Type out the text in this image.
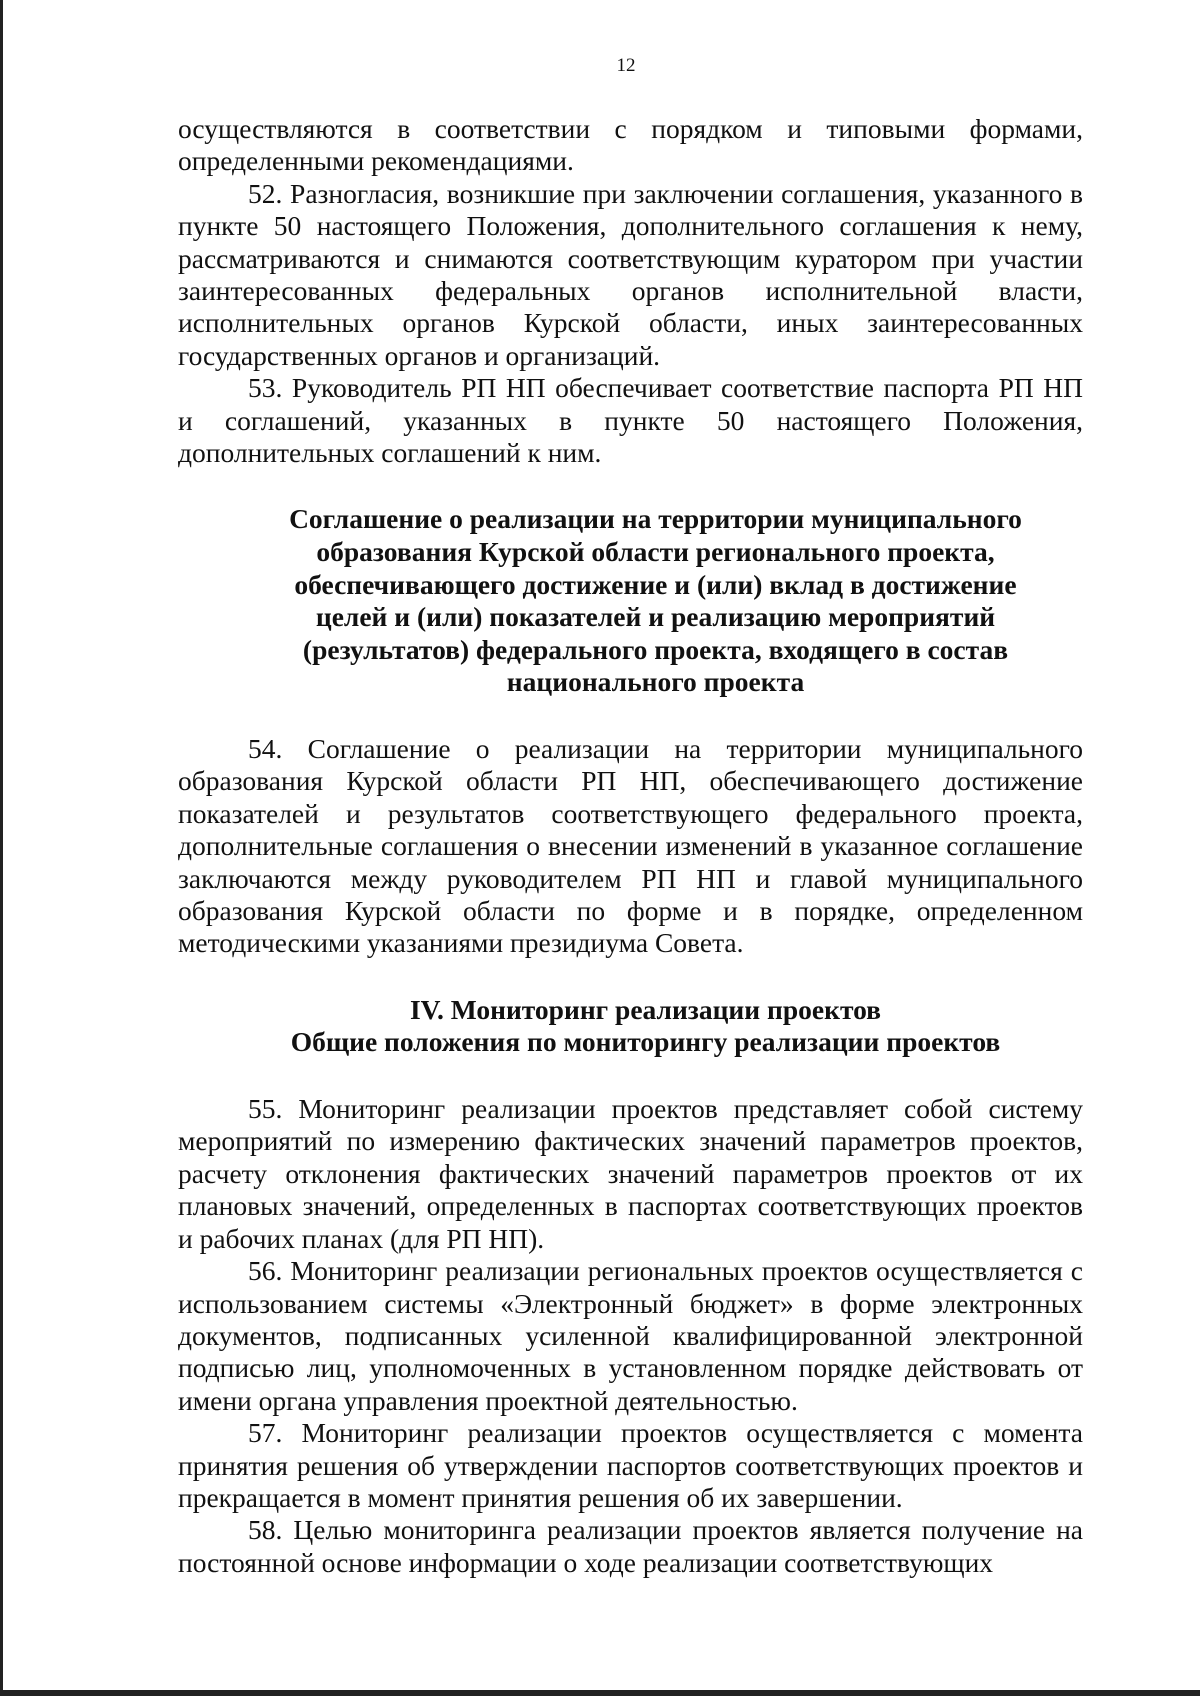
12

осуществляются в соответствии с порядком и типовыми формами, определенными рекомендациями.

52. Разногласия, возникшие при заключении соглашения, указанного в пункте 50 настоящего Положения, дополнительного соглашения к нему, рассматриваются и снимаются соответствующим куратором при участии заинтересованных федеральных органов исполнительной власти, исполнительных органов Курской области, иных заинтересованных государственных органов и организаций.

53. Руководитель РП НП обеспечивает соответствие паспорта РП НП и соглашений, указанных в пункте 50 настоящего Положения, дополнительных соглашений к ним.

Соглашение о реализации на территории муниципального образования Курской области регионального проекта, обеспечивающего достижение и (или) вклад в достижение целей и (или) показателей и реализацию мероприятий (результатов) федерального проекта, входящего в состав национального проекта

54. Соглашение о реализации на территории муниципального образования Курской области РП НП, обеспечивающего достижение показателей и результатов соответствующего федерального проекта, дополнительные соглашения о внесении изменений в указанное соглашение заключаются между руководителем РП НП и главой муниципального образования Курской области по форме и в порядке, определенном методическими указаниями президиума Совета.

IV. Мониторинг реализации проектов

Общие положения по мониторингу реализации проектов

55. Мониторинг реализации проектов представляет собой систему мероприятий по измерению фактических значений параметров проектов, расчету отклонения фактических значений параметров проектов от их плановых значений, определенных в паспортах соответствующих проектов и рабочих планах (для РП НП).

56. Мониторинг реализации региональных проектов осуществляется с использованием системы «Электронный бюджет» в форме электронных документов, подписанных усиленной квалифицированной электронной подписью лиц, уполномоченных в установленном порядке действовать от имени органа управления проектной деятельностью.

57. Мониторинг реализации проектов осуществляется с момента принятия решения об утверждении паспортов соответствующих проектов и прекращается в момент принятия решения об их завершении.

58. Целью мониторинга реализации проектов является получение на постоянной основе информации о ходе реализации соответствующих
